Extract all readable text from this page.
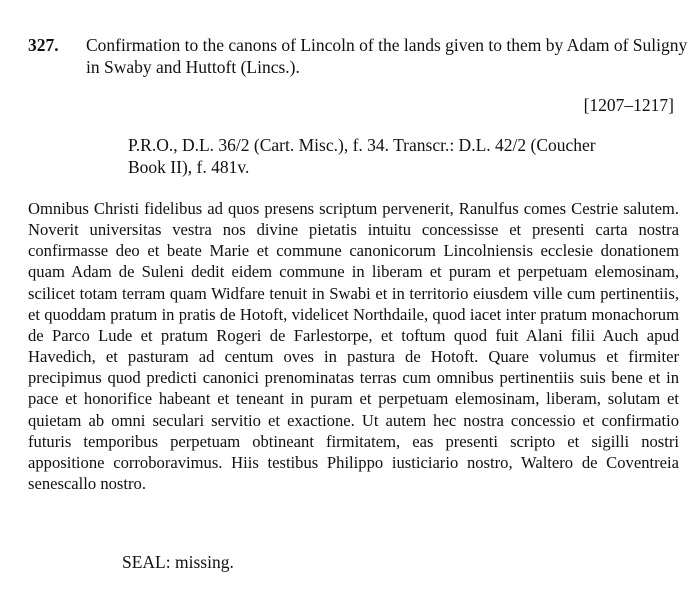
327. Confirmation to the canons of Lincoln of the lands given to them by Adam of Suligny in Swaby and Huttoft (Lincs.).
[1207–1217]
P.R.O., D.L. 36/2 (Cart. Misc.), f. 34. Transcr.: D.L. 42/2 (Coucher Book II), f. 481v.
Omnibus Christi fidelibus ad quos presens scriptum pervenerit, Ranulfus comes Cestrie salutem. Noverit universitas vestra nos divine pietatis intuitu concessisse et presenti carta nostra confirmasse deo et beate Marie et commune canonicorum Lincolniensis ecclesie donationem quam Adam de Suleni dedit eidem commune in liberam et puram et perpetuam elemosinam, scilicet totam terram quam Widfare tenuit in Swabi et in territorio eiusdem ville cum pertinentiis, et quoddam pratum in pratis de Hotoft, videlicet Northdaile, quod iacet inter pratum monachorum de Parco Lude et pratum Rogeri de Farlestorpe, et toftum quod fuit Alani filii Auch apud Havedich, et pasturam ad centum oves in pastura de Hotoft. Quare volumus et firmiter precipimus quod predicti canonici prenominatas terras cum omnibus pertinentiis suis bene et in pace et honorifice habeant et teneant in puram et perpetuam elemosinam, liberam, solutam et quietam ab omni seculari servitio et exactione. Ut autem hec nostra concessio et confirmatio futuris temporibus perpetuam obtineant firmitatem, eas presenti scripto et sigilli nostri appositione corroboravimus. Hiis testibus Philippo iusticiario nostro, Waltero de Coventreia senescallo nostro.
SEAL: missing.
